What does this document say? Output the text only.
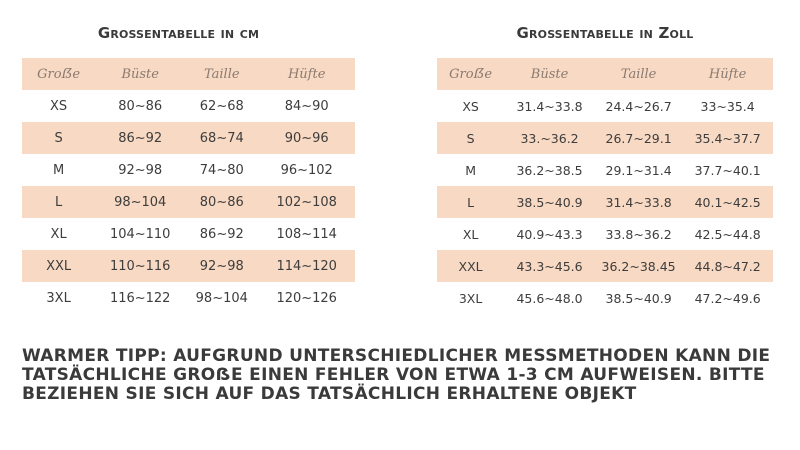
Großentabelle in cm
Groẞe	Büste	Taille	Hüfte
XS	80~86	62~68	84~90
S	86~92	68~74	90~96
M	92~98	74~80	96~102
L	98~104	80~86	102~108
XL	104~110	86~92	108~114
XXL	110~116	92~98	114~120
3XL	116~122	98~104	120~126
Großentabelle in Zoll
Groẞe	Büste	Taille	Hüfte
XS	31.4~33.8	24.4~26.7	33~35.4
S	33.~36.2	26.7~29.1	35.4~37.7
M	36.2~38.5	29.1~31.4	37.7~40.1
L	38.5~40.9	31.4~33.8	40.1~42.5
XL	40.9~43.3	33.8~36.2	42.5~44.8
XXL	43.3~45.6	36.2~38.45	44.8~47.2
3XL	45.6~48.0	38.5~40.9	47.2~49.6
WARMER TIPP: AUFGRUND UNTERSCHIEDLICHER MESSMETHODEN KANN DIE TATSÄCHLICHE GROẞE EINEN FEHLER VON ETWA 1-3 CM AUFWEISEN. BITTE BEZIEHEN SIE SICH AUF DAS TATSÄCHLICH ERHALTENE OBJEKT
